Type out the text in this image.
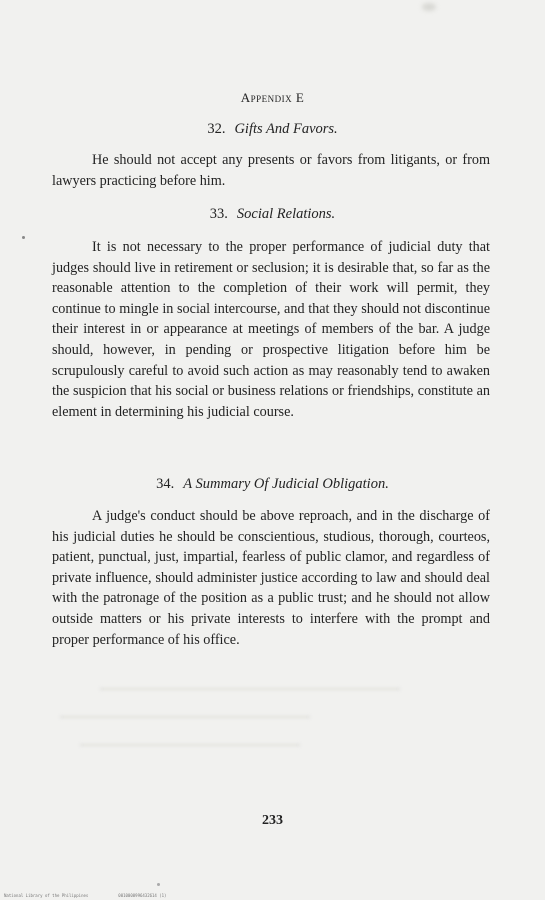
Appendix E
32. Gifts And Favors.

He should not accept any presents or favors from litigants, or from lawyers practicing before him.

33. Social Relations.

It is not necessary to the proper performance of judicial duty that judges should live in retirement or seclusion; it is desirable that, so far as the reasonable attention to the completion of their work will permit, they continue to mingle in social intercourse, and that they should not discontinue their interest in or appearance at meetings of members of the bar. A judge should, however, in pending or prospective litigation before him be scrupulously careful to avoid such action as may reasonably tend to awaken the suspicion that his social or business relations or friendships, constitute an element in determining his judicial course.

34. A Summary Of Judicial Obligation.

A judge's conduct should be above reproach, and in the discharge of his judicial duties he should be conscientious, studious, thorough, courteos, patient, punctual, just, impartial, fearless of public clamor, and regardless of private influence, should administer justice according to law and should deal with the patronage of the position as a public trust; and he should not allow outside matters or his private interests to interfere with the prompt and proper performance of his office.

233
National Library of the Philippines	0010000996432614 (1)
